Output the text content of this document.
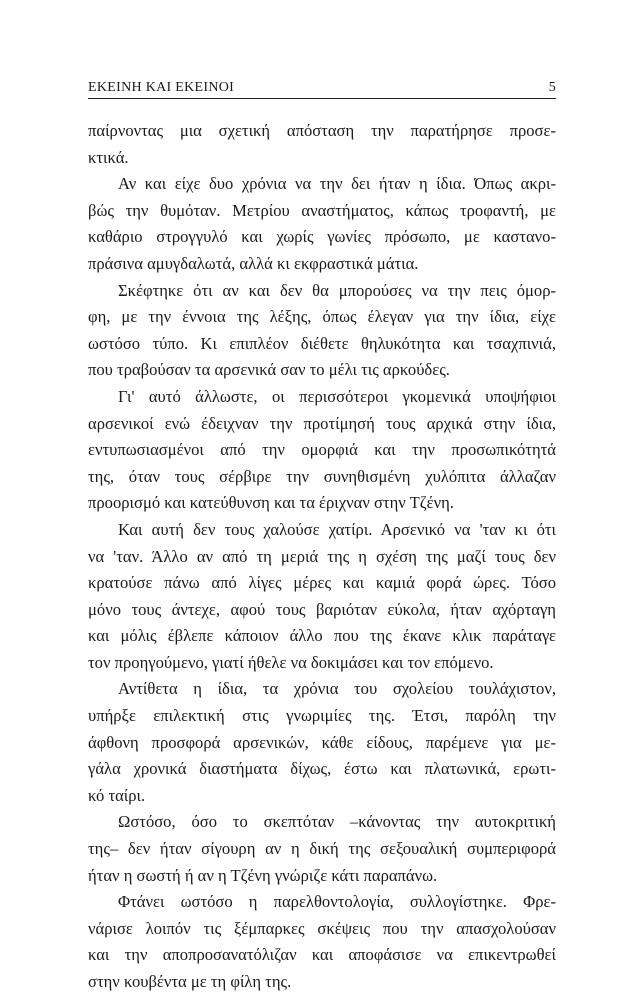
ΕΚΕΙΝΗ ΚΑΙ ΕΚΕΙΝΟΙ	5
παίρνοντας μια σχετική απόσταση την παρατήρησε προσε-
κτικά.
Αν και είχε δυο χρόνια να την δει ήταν η ίδια. Όπως ακρι-
βώς την θυμόταν. Μετρίου αναστήματος, κάπως τροφαντή, με
καθάριο στρογγυλό και χωρίς γωνίες πρόσωπο, με καστανο-
πράσινα αμυγδαλωτά, αλλά κι εκφραστικά μάτια.
Σκέφτηκε ότι αν και δεν θα μπορούσες να την πεις όμορ-
φη, με την έννοια της λέξης, όπως έλεγαν για την ίδια, είχε
ωστόσο τύπο. Κι επιπλέον διέθετε θηλυκότητα και τσαχπινιά,
που τραβούσαν τα αρσενικά σαν το μέλι τις αρκούδες.
Γι' αυτό άλλωστε, οι περισσότεροι γκομενικά υποψήφιοι
αρσενικοί ενώ έδειχναν την προτίμησή τους αρχικά στην ίδια,
εντυπωσιασμένοι από την ομορφιά και την προσωπικότητά
της, όταν τους σέρβιρε την συνηθισμένη χυλόπιτα άλλαζαν
προορισμό και κατεύθυνση και τα έριχναν στην Τζένη.
Και αυτή δεν τους χαλούσε χατίρι. Αρσενικό να 'ταν κι ότι
να 'ταν. Άλλο αν από τη μεριά της η σχέση της μαζί τους δεν
κρατούσε πάνω από λίγες μέρες και καμιά φορά ώρες. Τόσο
μόνο τους άντεχε, αφού τους βαριόταν εύκολα, ήταν αχόρταγη
και μόλις έβλεπε κάποιον άλλο που της έκανε κλικ παράταγε
τον προηγούμενο, γιατί ήθελε να δοκιμάσει και τον επόμενο.
Αντίθετα η ίδια, τα χρόνια του σχολείου τουλάχιστον,
υπήρξε επιλεκτική στις γνωριμίες της. Έτσι, παρόλη την
άφθονη προσφορά αρσενικών, κάθε είδους, παρέμενε για με-
γάλα χρονικά διαστήματα δίχως, έστω και πλατωνικά, ερωτι-
κό ταίρι.
Ωστόσο, όσο το σκεπτόταν –κάνοντας την αυτοκριτική
της– δεν ήταν σίγουρη αν η δική της σεξουαλική συμπεριφορά
ήταν η σωστή ή αν η Τζένη γνώριζε κάτι παραπάνω.
Φτάνει ωστόσο η παρελθοντολογία, συλλογίστηκε. Φρε-
νάρισε λοιπόν τις ξέμπαρκες σκέψεις που την απασχολούσαν
και την αποπροσανατόλιζαν και αποφάσισε να επικεντρωθεί
στην κουβέντα με τη φίλη της.
